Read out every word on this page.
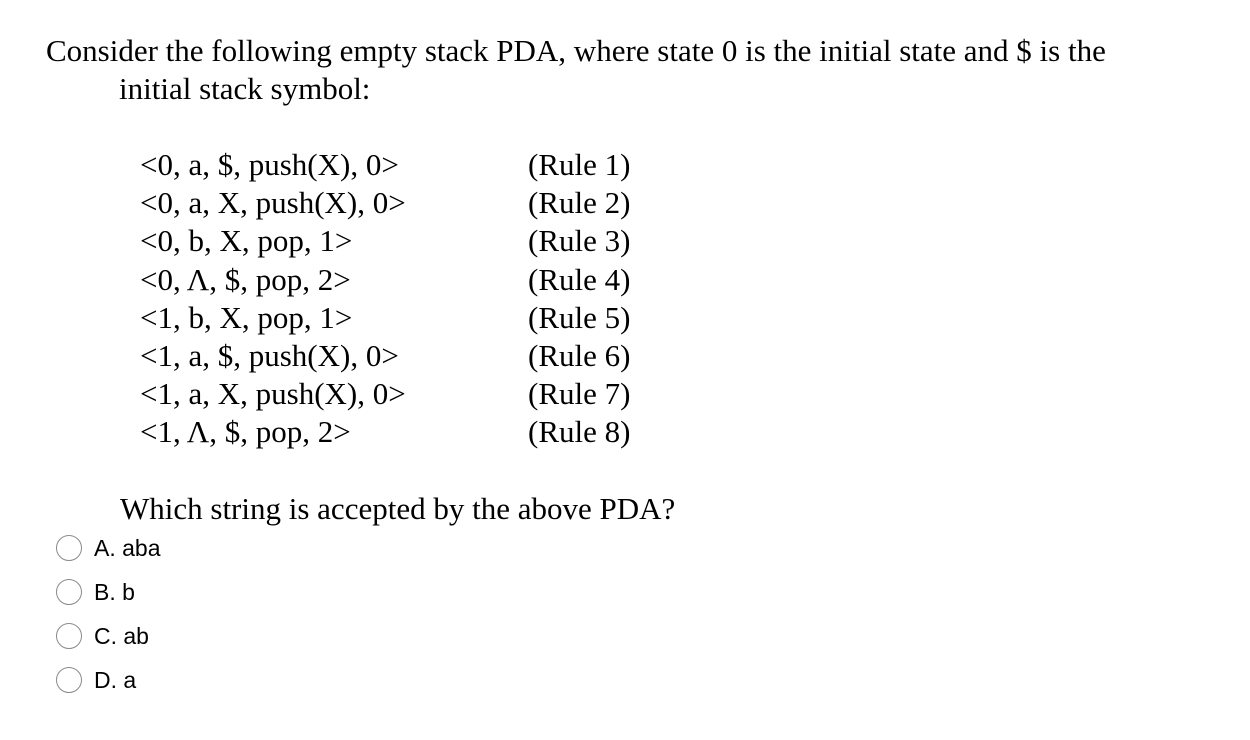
Consider the following empty stack PDA, where state 0 is the initial state and $ is the
initial stack symbol:
<0, a, $, push(X), 0>	(Rule 1)
<0, a, X, push(X), 0>	(Rule 2)
<0, b, X, pop, 1>	(Rule 3)
<0, Λ, $, pop, 2>	(Rule 4)
<1, b, X, pop, 1>	(Rule 5)
<1, a, $, push(X), 0>	(Rule 6)
<1, a, X, push(X), 0>	(Rule 7)
<1, Λ, $, pop, 2>	(Rule 8)
Which string is accepted by the above PDA?
A. aba
B. b
C. ab
D. a
